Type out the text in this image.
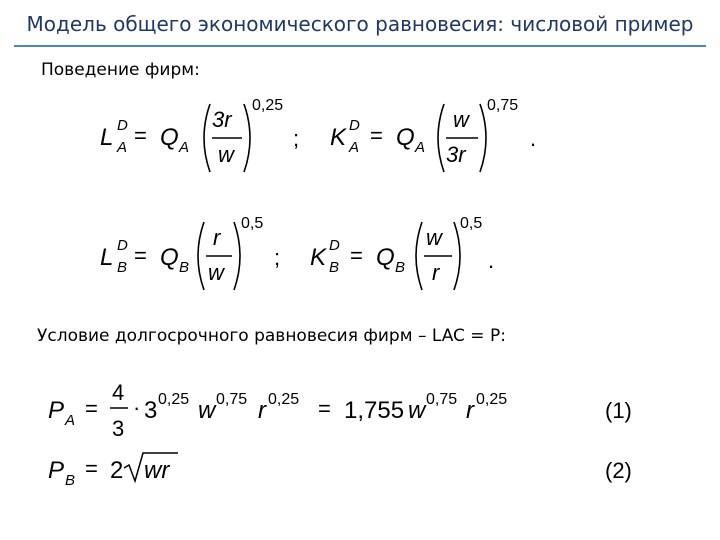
Модель общего экономического равновесия: числовой пример
Поведение фирм:
L D
A = Q A
3r
w
0,25
; K D
A = Q A
w
3r
0,75
.
L D
B = Q B
r
w
0,5
; K D
B = Q B
w
r
0,5
.
Условие долгосрочного равновесия фирм – LAC = P:
P A =
4
3
· 3 0,25 w 0,75 r 0,25 = 1,755 w 0,75 r 0,25	(1)
P B = 2 wr	(2)
